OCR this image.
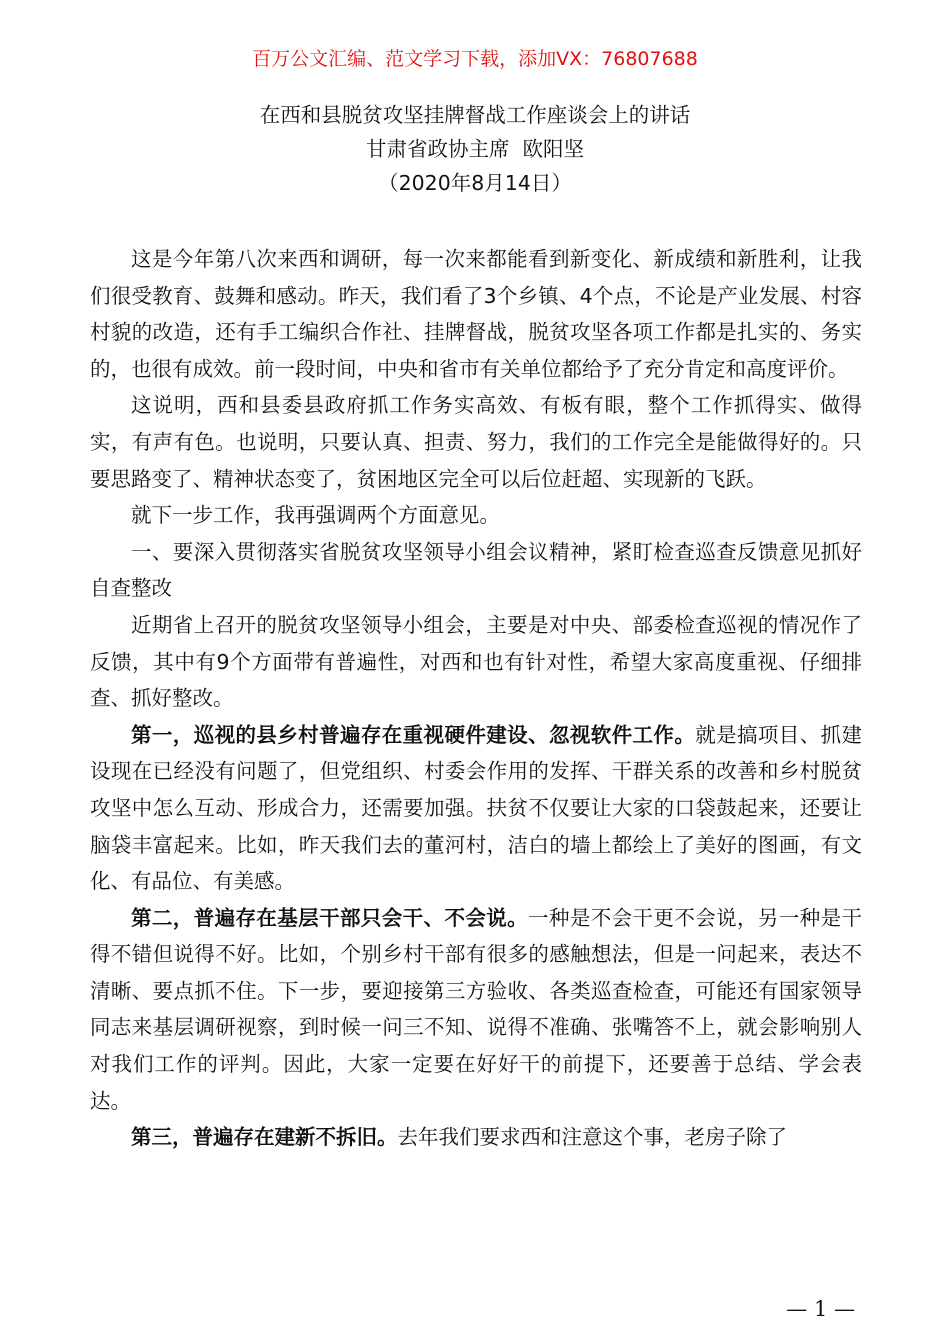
百万公文汇编、范文学习下载，添加VX：76807688
在西和县脱贫攻坚挂牌督战工作座谈会上的讲话
甘肃省政协主席  欧阳坚
（2020年8月14日）

这是今年第八次来西和调研，每一次来都能看到新变化、新成绩和新胜利，让我们很受教育、鼓舞和感动。昨天，我们看了3个乡镇、4个点，不论是产业发展、村容村貌的改造，还有手工编织合作社、挂牌督战，脱贫攻坚各项工作都是扎实的、务实的，也很有成效。前一段时间，中央和省市有关单位都给予了充分肯定和高度评价。

这说明，西和县委县政府抓工作务实高效、有板有眼，整个工作抓得实、做得实，有声有色。也说明，只要认真、担责、努力，我们的工作完全是能做得好的。只要思路变了、精神状态变了，贫困地区完全可以后位赶超、实现新的飞跃。

就下一步工作，我再强调两个方面意见。

一、要深入贯彻落实省脱贫攻坚领导小组会议精神，紧盯检查巡查反馈意见抓好自查整改

近期省上召开的脱贫攻坚领导小组会，主要是对中央、部委检查巡视的情况作了反馈，其中有9个方面带有普遍性，对西和也有针对性，希望大家高度重视、仔细排查、抓好整改。

第一，巡视的县乡村普遍存在重视硬件建设、忽视软件工作。就是搞项目、抓建设现在已经没有问题了，但党组织、村委会作用的发挥、干群关系的改善和乡村脱贫攻坚中怎么互动、形成合力，还需要加强。扶贫不仅要让大家的口袋鼓起来，还要让脑袋丰富起来。比如，昨天我们去的董河村，洁白的墙上都绘上了美好的图画，有文化、有品位、有美感。

第二，普遍存在基层干部只会干、不会说。一种是不会干更不会说，另一种是干得不错但说得不好。比如，个别乡村干部有很多的感触想法，但是一问起来，表达不清晰、要点抓不住。下一步，要迎接第三方验收、各类巡查检查，可能还有国家领导同志来基层调研视察，到时候一问三不知、说得不准确、张嘴答不上，就会影响别人对我们工作的评判。因此，大家一定要在好好干的前提下，还要善于总结、学会表达。

第三，普遍存在建新不拆旧。去年我们要求西和注意这个事，老房子除了

— 1 —
